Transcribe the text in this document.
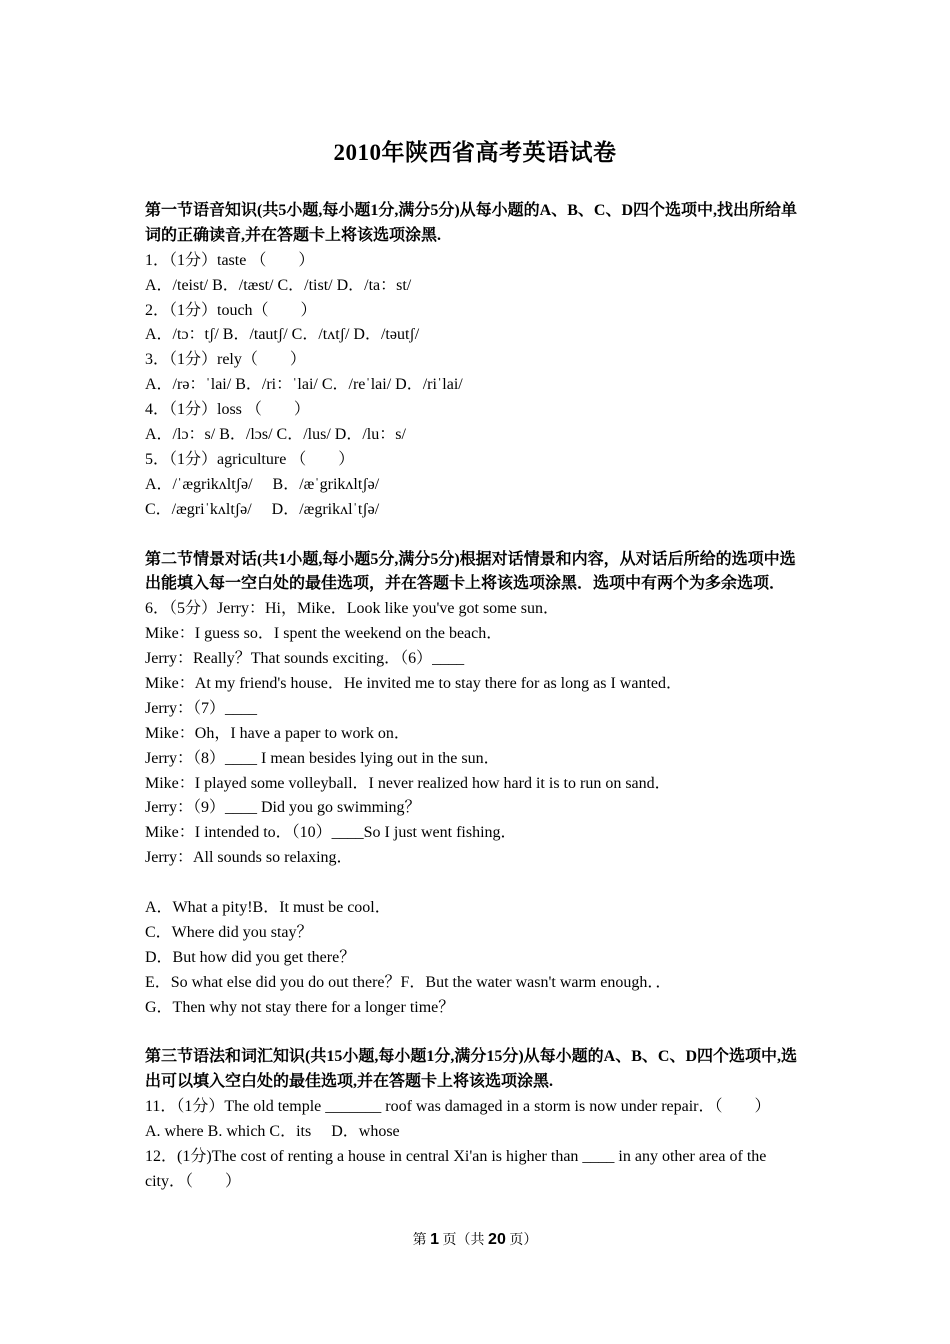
2010年陕西省高考英语试卷
第一节语音知识(共5小题,每小题1分,满分5分)从每小题的A、B、C、D四个选项中,找出所给单词的正确读音,并在答题卡上将该选项涂黑.
1．（1分）taste （　　）
A．/teist/ B．/tæst/ C．/tist/ D．/ta：st/
2．（1分）touch（　　）
A．/tɔ：tʃ/ B．/tautʃ/ C．/tʌtʃ/ D．/təutʃ/
3．（1分）rely（　　）
A．/rə：ˈlai/ B．/ri：ˈlai/ C．/reˈlai/ D．/riˈlai/
4．（1分）loss （　　）
A．/lɔ：s/ B．/lɔs/ C．/lus/ D．/lu：s/
5．（1分）agriculture （　　）
A．/ˈægrikʌltʃə/　 B．/æˈgrikʌltʃə/
C．/ægriˈkʌltʃə/　 D．/ægrikʌlˈtʃə/
第二节情景对话(共1小题,每小题5分,满分5分)根据对话情景和内容，从对话后所给的选项中选出能填入每一空白处的最佳选项，并在答题卡上将该选项涂黑．选项中有两个为多余选项．
6．（5分）Jerry：Hi，Mike．Look like you've got some sun．
Mike：I guess so．I spent the weekend on the beach．
Jerry：Really？That sounds exciting．（6）____
Mike：At my friend's house．He invited me to stay there for as long as I wanted．
Jerry：（7）____
Mike：Oh，I have a paper to work on．
Jerry：（8）____ I mean besides lying out in the sun．
Mike：I played some volleyball．I never realized how hard it is to run on sand．
Jerry：（9）____ Did you go swimming？
Mike：I intended to．（10）____So I just went fishing．
Jerry：All sounds so relaxing．
A．What a pity!B．It must be cool．
C．Where did you stay？
D．But how did you get there？
E．So what else did you do out there？F．But the water wasn't warm enough．．
G．Then why not stay there for a longer time？
第三节语法和词汇知识(共15小题,每小题1分,满分15分)从每小题的A、B、C、D四个选项中,选出可以填入空白处的最佳选项,并在答题卡上将该选项涂黑.
11．（1分）The old temple _______ roof was damaged in a storm is now under repair．（　　）
A. where B. which C．its　 D．whose
12．(1分)The cost of renting a house in central Xi'an is higher than ____ in any other area of the city．（　　）
第 1 页（共 20 页）
